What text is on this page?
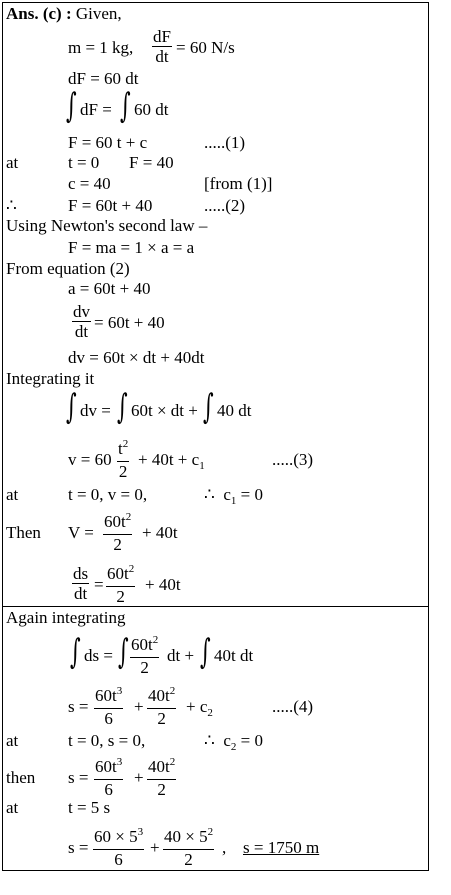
Ans. (c) : Given,
m = 1 kg, $\frac{dF}{dt} = 60$ N/s
dF = 60 dt
∫ dF = ∫ 60 dt
F = 60 t + c	.....(1)
at	t = 0       F = 40
c = 40	[from (1)]
∴	F = 60t + 40	.....(2)
Using Newton's second law –
F = ma = 1 × a = a
From equation (2)
a = 60t + 40
$\frac{dv}{dt} = 60t + 40$
dv = 60t × dt + 40dt
Integrating it
∫ dv = ∫ 60t × dt + ∫ 40 dt
$v = 60 \frac{t^2}{2} + 40t + c_1$	.....(3)
at	t = 0, v = 0,	∴  $c_1 = 0$
Then $V = \frac{60t^2}{2} + 40t$
$\frac{ds}{dt} = \frac{60t^2}{2} + 40t$
Again integrating
∫ ds = ∫ $\frac{60t^2}{2}$ dt + ∫ 40t dt
$s = \frac{60t^3}{6} + \frac{40t^2}{2} + c_2$	.....(4)
at	t = 0, s = 0,	∴  $c_2 = 0$
then $s = \frac{60t^3}{6} + \frac{40t^2}{2}$
at	t = 5 s
$s = \frac{60 \times 5^3}{6} + \frac{40 \times 5^2}{2}$ , s = 1750 m
